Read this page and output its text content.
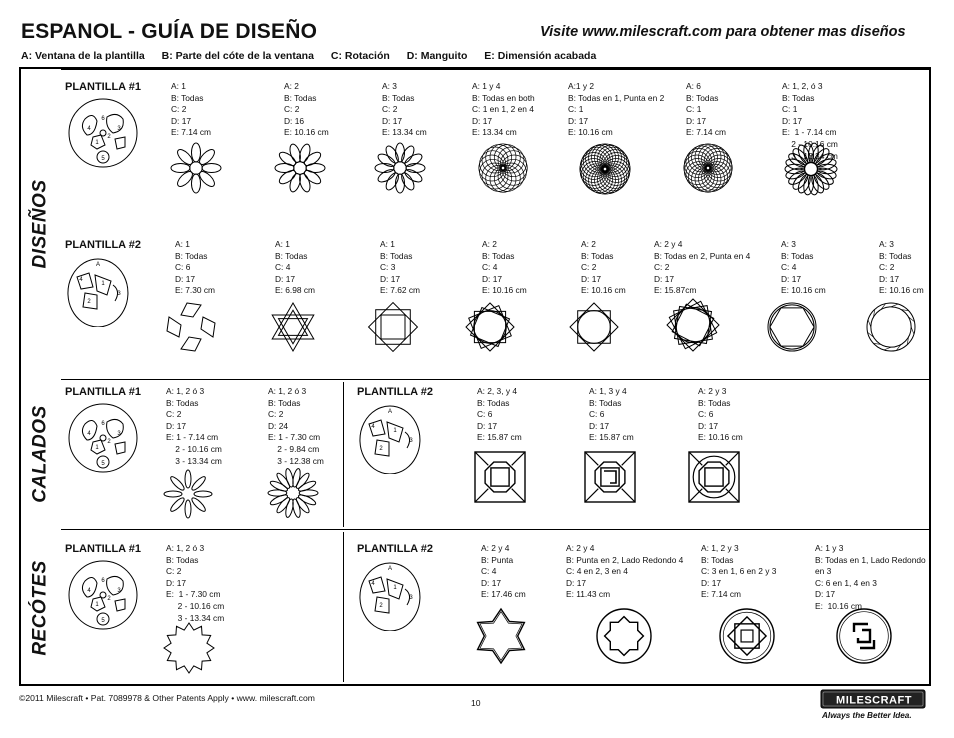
ESPANOL - GUÍA DE DISEÑO	Visite www.milescraft.com para obtener mas diseños
A: Ventana de la plantilla B: Parte del cóte de la ventana C: Rotación D: Manguito E: Dimensión acabada
DISEÑOS
CALADOS
RECÓTES
PLANTILLA #1
PLANTILLA #2
PLANTILLA #1	PLANTILLA #2
PLANTILLA #1	PLANTILLA #2
4
6
1
2
3
5
A
4
1
2
3
4
6
1
2
3
5
A
4
1
2
3
4
6
1
2
3
5
A
4
1
2
3
A: 1
B: Todas
C: 2
D: 17
E: 7.14 cm
A: 2
B: Todas
C: 2
D: 16
E: 10.16 cm
A: 3
B: Todas
C: 2
D: 17
E: 13.34 cm
A: 1 y 4
B: Todas en both
C: 1 en 1, 2 en 4
D: 17
E: 13.34 cm
A:1 y 2
B: Todas en 1, Punta en 2
C: 1
D: 17
E: 10.16 cm
A: 6
B: Todas
C: 1
D: 17
E: 7.14 cm
A: 1, 2, ó 3
B: Todas
C: 1
D: 17
E:  1 - 7.14 cm
2 - 10.16 cm
3 - 13.34 cm
A: 1
B: Todas
C: 6
D: 17
E: 7.30 cm
A: 1
B: Todas
C: 4
D: 17
E: 6.98 cm
A: 1
B: Todas
C: 3
D: 17
E: 7.62 cm
A: 2
B: Todas
C: 4
D: 17
E: 10.16 cm
A: 2
B: Todas
C: 2
D: 17
E: 10.16 cm
A: 2 y 4
B: Todas en 2, Punta en 4
C: 2
D: 17
E: 15.87cm
A: 3
B: Todas
C: 4
D: 17
E: 10.16 cm
A: 3
B: Todas
C: 2
D: 17
E: 10.16 cm
A: 1, 2 ó 3
B: Todas
C: 2
D: 17
E: 1 - 7.14 cm
2 - 10.16 cm
3 - 13.34 cm
A: 1, 2 ó 3
B: Todas
C: 2
D: 24
E: 1 - 7.30 cm
2 - 9.84 cm
3 - 12.38 cm
A: 2, 3, y 4
B: Todas
C: 6
D: 17
E: 15.87 cm
A: 1, 3 y 4
B: Todas
C: 6
D: 17
E: 15.87 cm
A: 2 y 3
B: Todas
C: 6
D: 17
E: 10.16 cm
A: 1, 2 ó 3
B: Todas
C: 2
D: 17
E:  1 - 7.30 cm
2 - 10.16 cm
3 - 13.34 cm
A: 2 y 4
B: Punta
C: 4
D: 17
E: 17.46 cm
A: 2 y 4
B: Punta en 2, Lado Redondo 4
C: 4 en 2, 3 en 4
D: 17
E: 11.43 cm
A: 1, 2 y 3
B: Todas
C: 3 en 1, 6 en 2 y 3
D: 17
E: 7.14 cm
A: 1 y 3
B: Todas en 1, Lado Redondo
en 3
C: 6 en 1, 4 en 3
D: 17
E:  10.16 cm
©2011 Milescraft • Pat. 7089978 & Other Patents Apply • www. milescraft.com	10	MILESCRAFT
Always the Better Idea.
